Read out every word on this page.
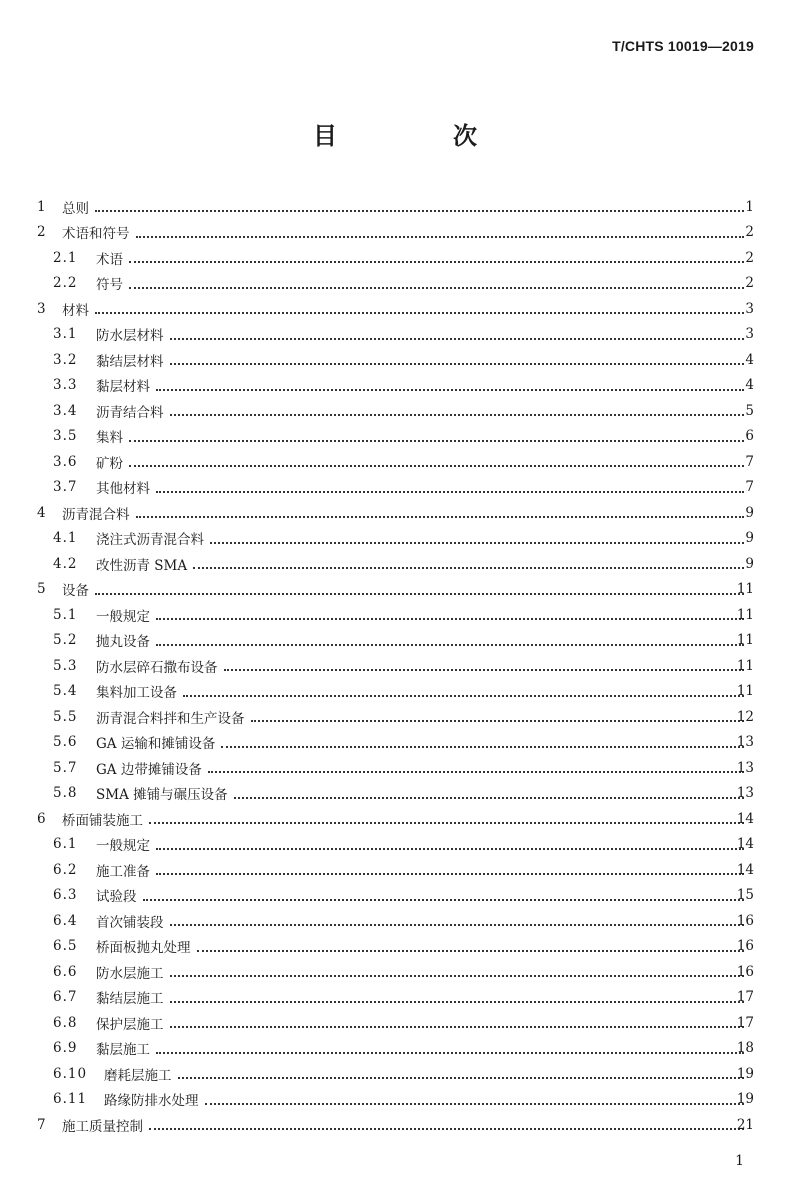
T/CHTS 10019—2019
目　次
1 总则	1
2 术语和符号	2
2.1 术语	2
2.2 符号	2
3 材料	3
3.1 防水层材料	3
3.2 黏结层材料	4
3.3 黏层材料	4
3.4 沥青结合料	5
3.5 集料	6
3.6 矿粉	7
3.7 其他材料	7
4 沥青混合料	9
4.1 浇注式沥青混合料	9
4.2 改性沥青 SMA	9
5 设备	11
5.1 一般规定	11
5.2 抛丸设备	11
5.3 防水层碎石撒布设备	11
5.4 集料加工设备	11
5.5 沥青混合料拌和生产设备	12
5.6 GA 运输和摊铺设备	13
5.7 GA 边带摊铺设备	13
5.8 SMA 摊铺与碾压设备	13
6 桥面铺装施工	14
6.1 一般规定	14
6.2 施工准备	14
6.3 试验段	15
6.4 首次铺装段	16
6.5 桥面板抛丸处理	16
6.6 防水层施工	16
6.7 黏结层施工	17
6.8 保护层施工	17
6.9 黏层施工	18
6.10 磨耗层施工	19
6.11 路缘防排水处理	19
7 施工质量控制	21
1
